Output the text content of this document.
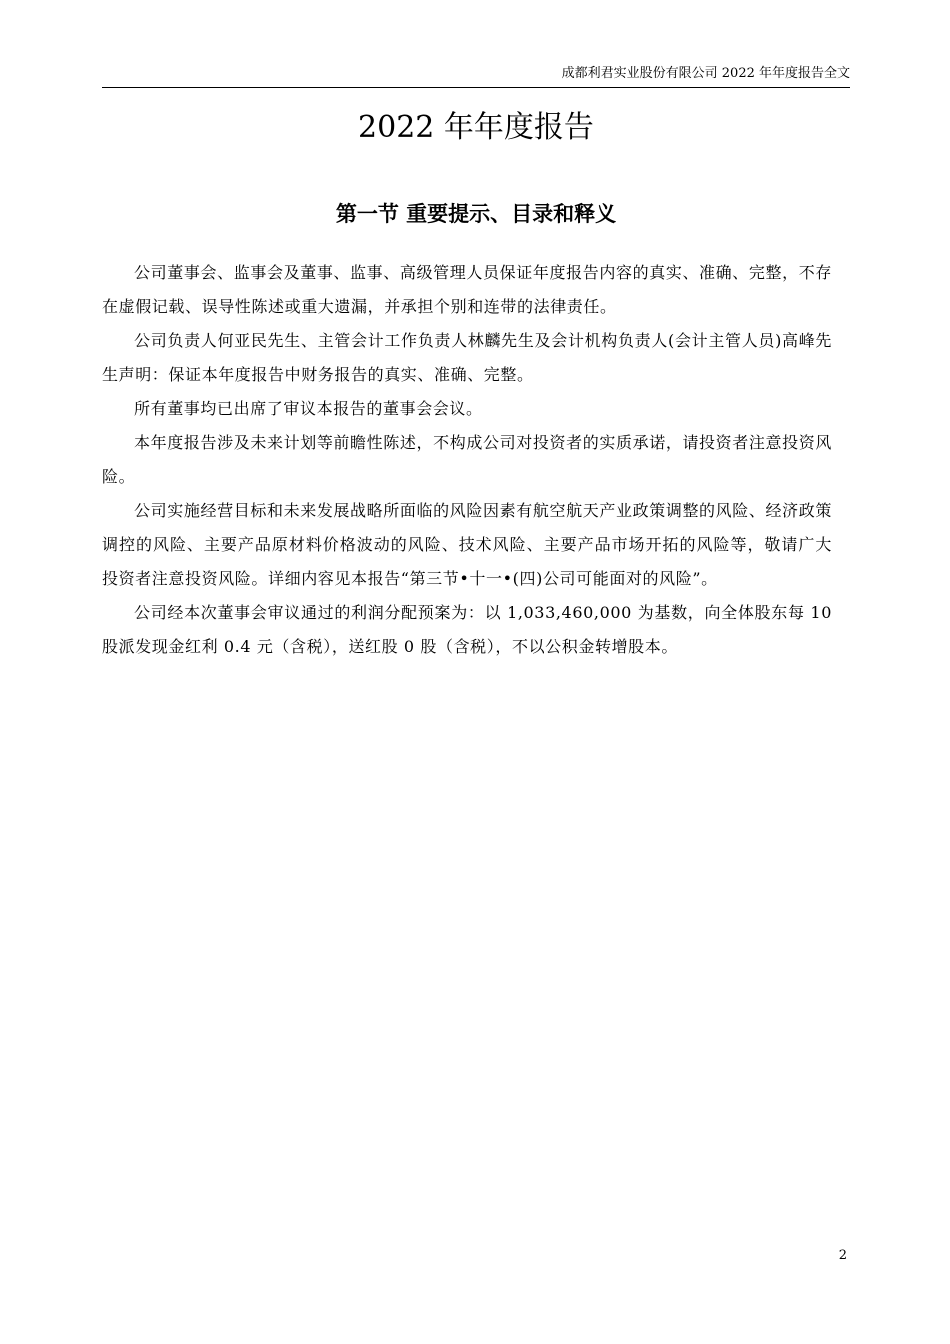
成都利君实业股份有限公司 2022 年年度报告全文
2022 年年度报告
第一节 重要提示、目录和释义

公司董事会、监事会及董事、监事、高级管理人员保证年度报告内容的真实、准确、完整，不存在虚假记载、误导性陈述或重大遗漏，并承担个别和连带的法律责任。

公司负责人何亚民先生、主管会计工作负责人林麟先生及会计机构负责人(会计主管人员)高峰先生声明：保证本年度报告中财务报告的真实、准确、完整。

所有董事均已出席了审议本报告的董事会会议。

本年度报告涉及未来计划等前瞻性陈述，不构成公司对投资者的实质承诺，请投资者注意投资风险。

公司实施经营目标和未来发展战略所面临的风险因素有航空航天产业政策调整的风险、经济政策调控的风险、主要产品原材料价格波动的风险、技术风险、主要产品市场开拓的风险等，敬请广大投资者注意投资风险。详细内容见本报告“第三节•十一•(四)公司可能面对的风险”。

公司经本次董事会审议通过的利润分配预案为：以 1,033,460,000 为基数，向全体股东每 10 股派发现金红利 0.4 元（含税），送红股 0 股（含税），不以公积金转增股本。

2
